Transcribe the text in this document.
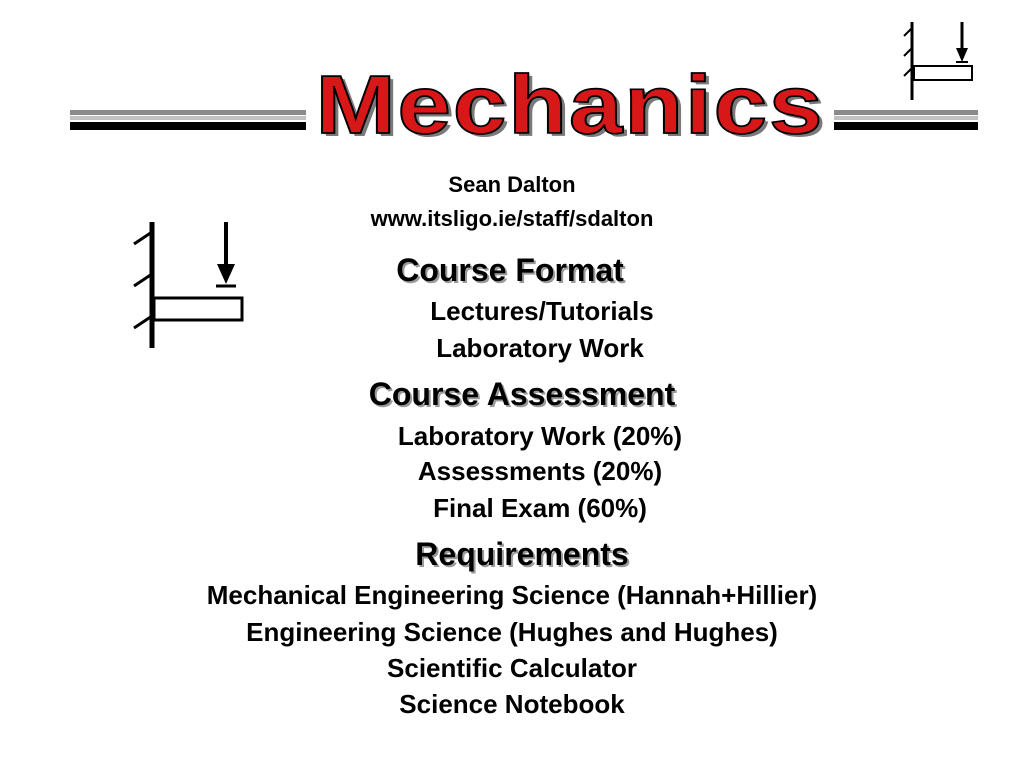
Mechanics
Sean Dalton
www.itsligo.ie/staff/sdalton
Course Format
Lectures/Tutorials
Laboratory Work
Course Assessment
Laboratory Work (20%)
Assessments (20%)
Final Exam (60%)
Requirements
Mechanical Engineering Science (Hannah+Hillier)
Engineering Science (Hughes and Hughes)
Scientific Calculator
Science Notebook
